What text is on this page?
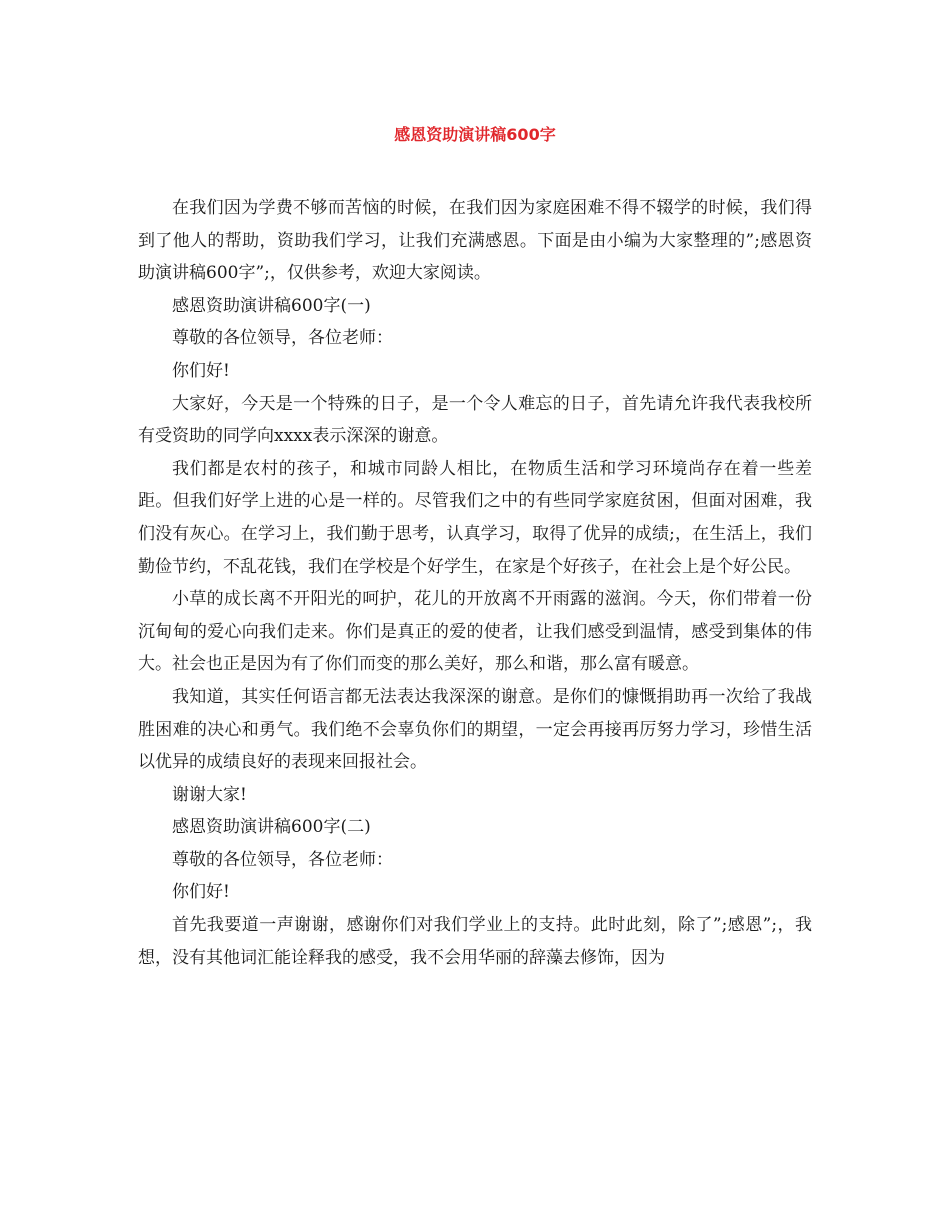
感恩资助演讲稿600字

在我们因为学费不够而苦恼的时候，在我们因为家庭困难不得不辍学的时候，我们得到了他人的帮助，资助我们学习，让我们充满感恩。下面是由小编为大家整理的”;感恩资助演讲稿600字”;，仅供参考，欢迎大家阅读。

感恩资助演讲稿600字(一)

尊敬的各位领导，各位老师：

你们好!

大家好，今天是一个特殊的日子，是一个令人难忘的日子，首先请允许我代表我校所有受资助的同学向xxxx表示深深的谢意。

我们都是农村的孩子，和城市同龄人相比，在物质生活和学习环境尚存在着一些差距。但我们好学上进的心是一样的。尽管我们之中的有些同学家庭贫困，但面对困难，我们没有灰心。在学习上，我们勤于思考，认真学习，取得了优异的成绩;，在生活上，我们勤俭节约，不乱花钱，我们在学校是个好学生，在家是个好孩子，在社会上是个好公民。

小草的成长离不开阳光的呵护，花儿的开放离不开雨露的滋润。今天，你们带着一份沉甸甸的爱心向我们走来。你们是真正的爱的使者，让我们感受到温情，感受到集体的伟大。社会也正是因为有了你们而变的那么美好，那么和谐，那么富有暖意。

我知道，其实任何语言都无法表达我深深的谢意。是你们的慷慨捐助再一次给了我战胜困难的决心和勇气。我们绝不会辜负你们的期望，一定会再接再厉努力学习，珍惜生活以优异的成绩良好的表现来回报社会。

谢谢大家!

感恩资助演讲稿600字(二)

尊敬的各位领导，各位老师：

你们好!

首先我要道一声谢谢，感谢你们对我们学业上的支持。此时此刻，除了”;感恩”;，我想，没有其他词汇能诠释我的感受，我不会用华丽的辞藻去修饰，因为
